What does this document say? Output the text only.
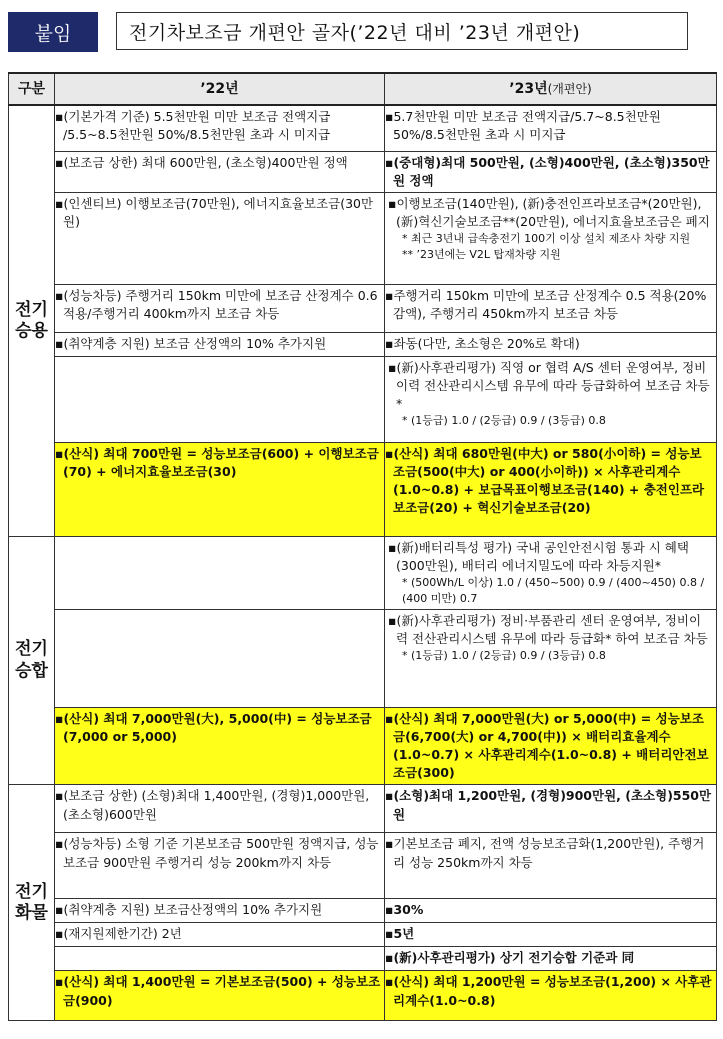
붙임	전기차보조금 개편안 골자(’22년 대비 ’23년 개편안)
구분	’22년	’23년(개편안)
전기
승용	▪(기본가격 기준) 5.5천만원 미만 보조금 전액지급 /5.5~8.5천만원 50%/8.5천만원 초과 시 미지급	▪5.7천만원 미만 보조금 전액지급/5.7~8.5천만원 50%/8.5천만원 초과 시 미지급
	▪(보조금 상한) 최대 600만원, (초소형)400만원 정액	▪(중대형)최대 500만원, (소형)400만원, (초소형)350만원 정액
	▪(인센티브) 이행보조금(70만원), 에너지효율보조금(30만원)	▪이행보조금(140만원), (新)충전인프라보조금*(20만원), (新)혁신기술보조금**(20만원), 에너지효율보조금은 폐지
* 최근 3년내 급속충전기 100기 이상 설치 제조사 차량 지원
** ’23년에는 V2L 탑재차량 지원

	▪(성능차등) 주행거리 150km 미만에 보조금 산정계수 0.6 적용/주행거리 400km까지 보조금 차등	▪주행거리 150km 미만에 보조금 산정계수 0.5 적용(20% 감액), 주행거리 450km까지 보조금 차등
	▪(취약계층 지원) 보조금 산정액의 10% 추가지원	▪좌동(다만, 초소형은 20%로 확대)

		▪(新)사후관리평가) 직영 or 협력 A/S 센터 운영여부, 정비이력 전산관리시스템 유무에 따라 등급화하여 보조금 차등*
* (1등급) 1.0 / (2등급) 0.9 / (3등급) 0.8

	▪(산식) 최대 700만원 = 성능보조금(600) + 이행보조금(70) + 에너지효율보조금(30)	▪(산식) 최대 680만원(中大) or 580(小이하) = 성능보조금(500(中大) or 400(小이하)) × 사후관리계수(1.0~0.8) + 보급목표이행보조금(140) + 충전인프라보조금(20) + 혁신기술보조금(20)
전기
승합		▪(新)배터리특성 평가) 국내 공인안전시험 통과 시 혜택(300만원), 배터리 에너지밀도에 따라 차등지원*
* (500Wh/L 이상) 1.0 / (450~500) 0.9 / (400~450) 0.8 / (400 미만) 0.7

		▪(新)사후관리평가) 정비·부품관리 센터 운영여부, 정비이력 전산관리시스템 유무에 따라 등급화* 하여 보조금 차등
* (1등급) 1.0 / (2등급) 0.9 / (3등급) 0.8

	▪(산식) 최대 7,000만원(大), 5,000(中) = 성능보조금(7,000 or 5,000)	▪(산식) 최대 7,000만원(大) or 5,000(中) = 성능보조금(6,700(大) or 4,700(中)) × 배터리효율계수(1.0~0.7) × 사후관리계수(1.0~0.8) + 배터리안전보조금(300)
전기
화물	▪(보조금 상한) (소형)최대 1,400만원, (경형)1,000만원, (초소형)600만원	▪(소형)최대 1,200만원, (경형)900만원, (초소형)550만원
	▪(성능차등) 소형 기준 기본보조금 500만원 정액지급, 성능보조금 900만원 주행거리 성능 200km까지 차등	▪기본보조금 폐지, 전액 성능보조금화(1,200만원), 주행거리 성능 250km까지 차등
	▪(취약계층 지원) 보조금산정액의 10% 추가지원	▪30%
	▪(재지원제한기간) 2년	▪5년
		▪(新)사후관리평가) 상기 전기승합 기준과 同
	▪(산식) 최대 1,400만원 = 기본보조금(500) + 성능보조금(900)	▪(산식) 최대 1,200만원 = 성능보조금(1,200) × 사후관리계수(1.0~0.8)
